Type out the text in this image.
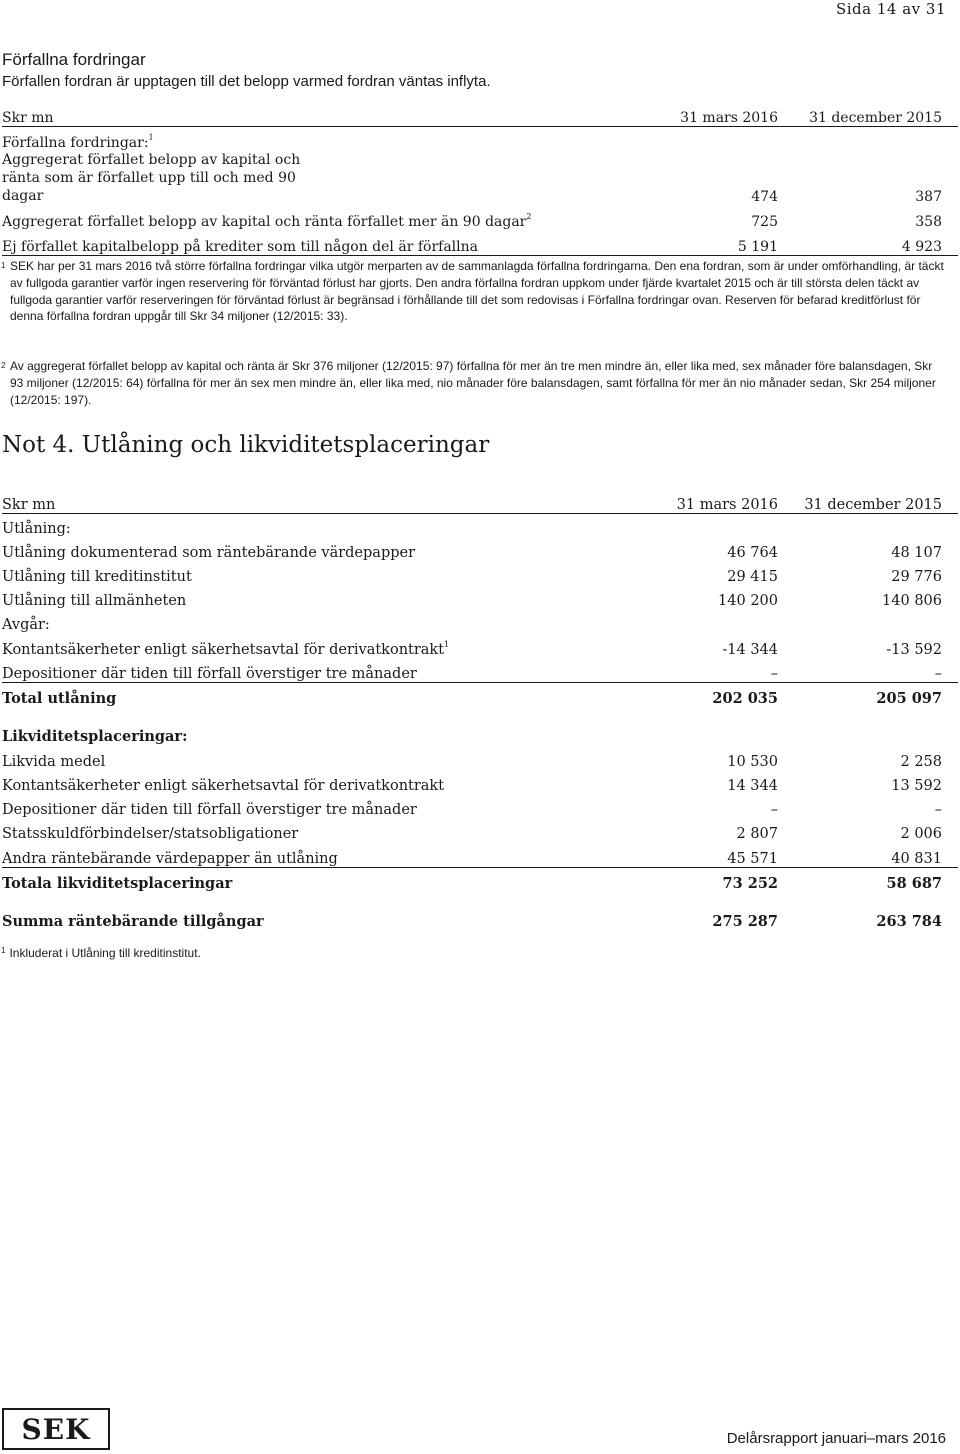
Sida 14 av 31
Förfallna fordringar
Förfallen fordran är upptagen till det belopp varmed fordran väntas inflyta.
Skr mn	31 mars 2016	31 december 2015
Förfallna fordringar:$^1$		
Aggregerat förfallet belopp av kapital och ränta som är förfallet upp till och med 90 dagar	474	387
Aggregerat förfallet belopp av kapital och ränta förfallet mer än 90 dagar$^2$	725	358
Ej förfallet kapitalbelopp på krediter som till någon del är förfallna	5 191	4 923
1 SEK har per 31 mars 2016 två större förfallna fordringar vilka utgör merparten av de sammanlagda förfallna fordringarna. Den ena fordran, som är under omförhandling, är täckt av fullgoda garantier varför ingen reservering för förväntad förlust har gjorts. Den andra förfallna fordran uppkom under fjärde kvartalet 2015 och är till största delen täckt av fullgoda garantier varför reserveringen för förväntad förlust är begränsad i förhållande till det som redovisas i Förfallna fordringar ovan. Reserven för befarad kreditförlust för denna förfallna fordran uppgår till Skr 34 miljoner (12/2015: 33).
2 Av aggregerat förfallet belopp av kapital och ränta är Skr 376 miljoner (12/2015: 97) förfallna för mer än tre men mindre än, eller lika med, sex månader före balansdagen, Skr 93 miljoner (12/2015: 64) förfallna för mer än sex men mindre än, eller lika med, nio månader före balansdagen, samt förfallna för mer än nio månader sedan, Skr 254 miljoner (12/2015: 197).
Not 4. Utlåning och likviditetsplaceringar
Skr mn	31 mars 2016	31 december 2015
Utlåning:		
Utlåning dokumenterad som räntebärande värdepapper	46 764	48 107
Utlåning till kreditinstitut	29 415	29 776
Utlåning till allmänheten	140 200	140 806
Avgår:		
Kontantsäkerheter enligt säkerhetsavtal för derivatkontrakt$^1$	-14 344	-13 592
Depositioner där tiden till förfall överstiger tre månader	–	–
Total utlåning	202 035	205 097
Likviditetsplaceringar:		
Likvida medel	10 530	2 258
Kontantsäkerheter enligt säkerhetsavtal för derivatkontrakt	14 344	13 592
Depositioner där tiden till förfall överstiger tre månader	–	–
Statsskuldförbindelser/statsobligationer	2 807	2 006
Andra räntebärande värdepapper än utlåning	45 571	40 831
Totala likviditetsplaceringar	73 252	58 687
Summa räntebärande tillgångar	275 287	263 784
$^1$ Inkluderat i Utlåning till kreditinstitut.
SEK	Delårsrapport januari–mars 2016
